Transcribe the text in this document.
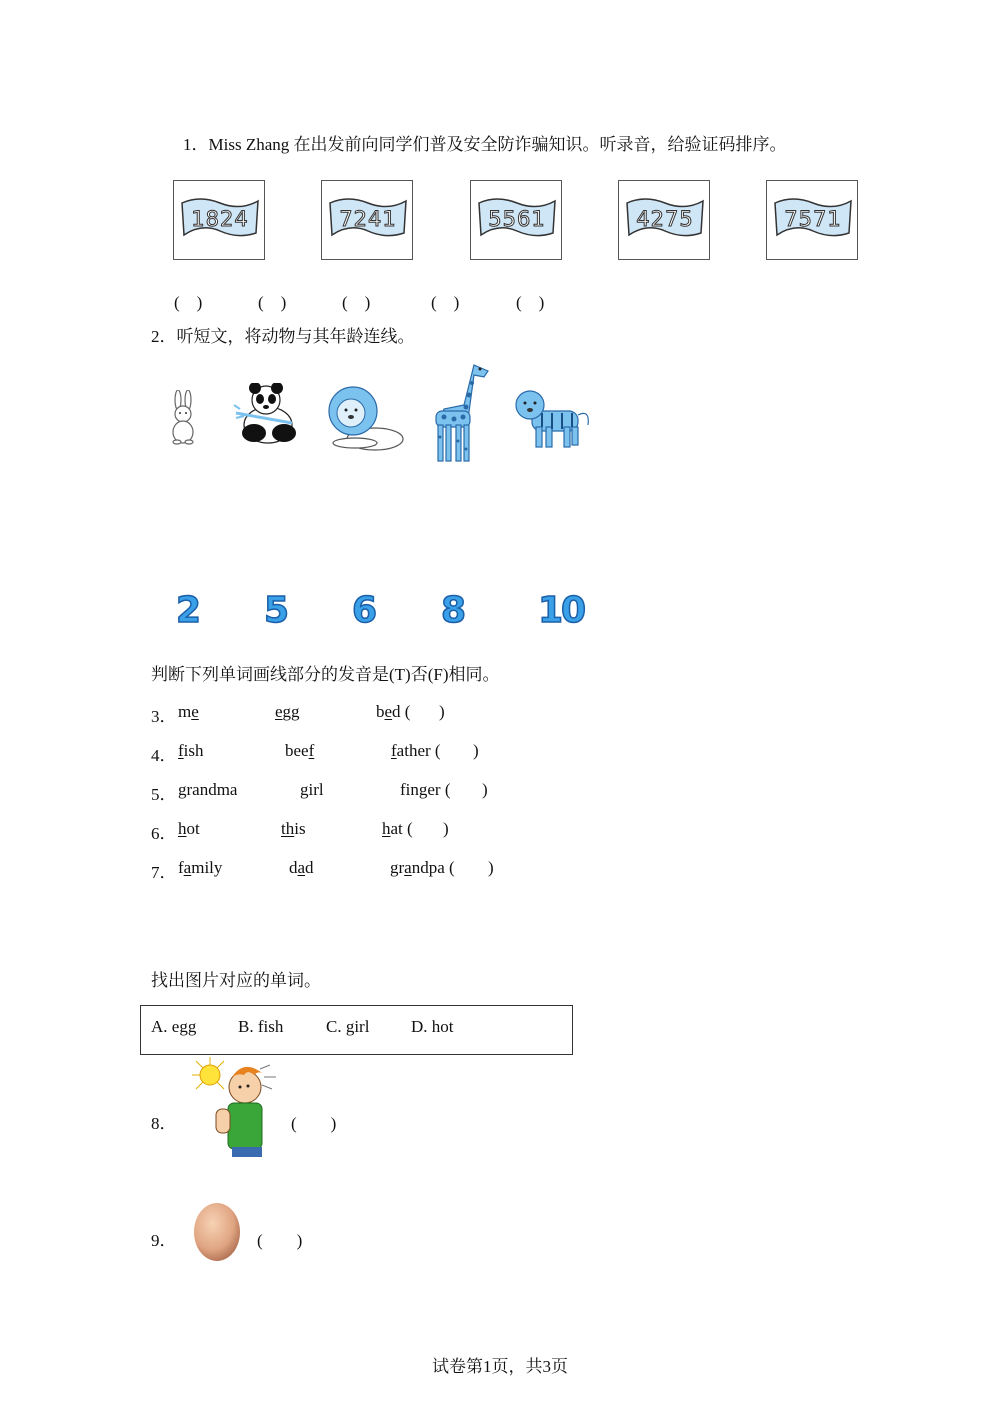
1．Miss Zhang 在出发前向同学们普及安全防诈骗知识。听录音，给验证码排序。
1824	7241	5561	4275	7571
(　)	(　)	(　)	(　)	(　)
2．听短文，将动物与其年龄连线。
2 5 6 8 10
判断下列单词画线部分的发音是(T)否(F)相同。
3． me	egg	bed ( )
4． fish	beef	father ( )
5． grandma	girl	finger ( )
6． hot	this	hat ( )
7． family	dad	grandpa ( )
找出图片对应的单词。
A. egg B. fish	C. girl D. hot
8．	(　　)
9．	(　　)
试卷第1页，共3页
